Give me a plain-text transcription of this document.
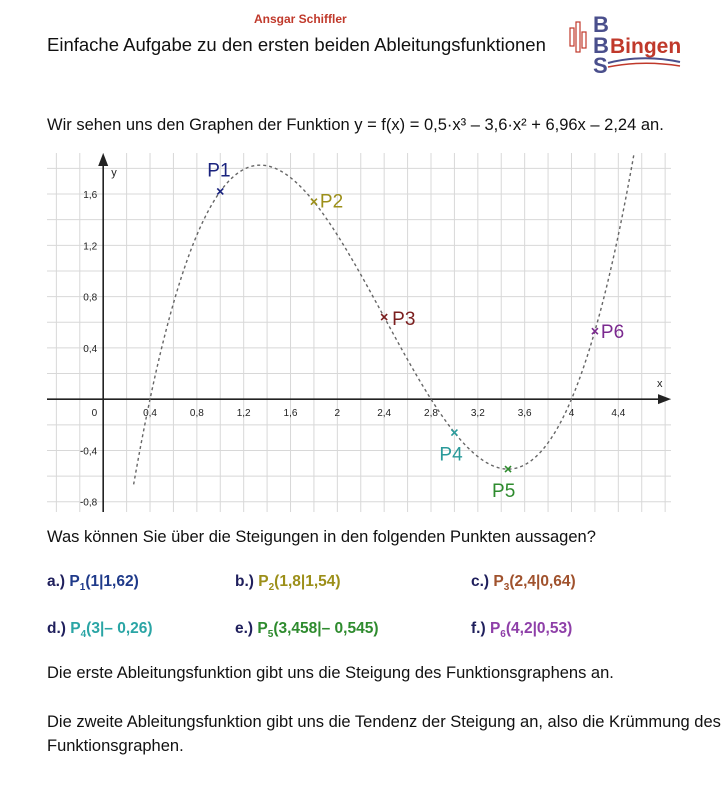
Ansgar Schiffler
Einfache Aufgabe zu den ersten beiden Ableitungsfunktionen
B
B
S
Bingen
Wir sehen uns den Graphen der Funktion y = f(x) = 0,5·x³ – 3,6·x² + 6,96x – 2,24 an.
x
y
0,4	0,8	1,2	1,6	2	2,4	2,8	3,2	3,6	4	4,4
1,6
1,2
0,8
0,4
0
-0,4
-0,8
P1
P2
P3
P4
P5
P6
Was können Sie über die Steigungen in den folgenden Punkten aussagen?
a.) $P_1(1|1,62)$	b.) $P_2(1,8|1,54)$	c.) $P_3(2,4|0,64)$
d.) $P_4(3|-$ 0,26)	e.) $P_5(3,458|-$ 0,545)	f.) $P_6(4,2|0,53)$
Die erste Ableitungsfunktion gibt uns die Steigung des Funktionsgraphens an.
Die zweite Ableitungsfunktion gibt uns die Tendenz der Steigung an, also die Krümmung des Funktionsgraphen.
